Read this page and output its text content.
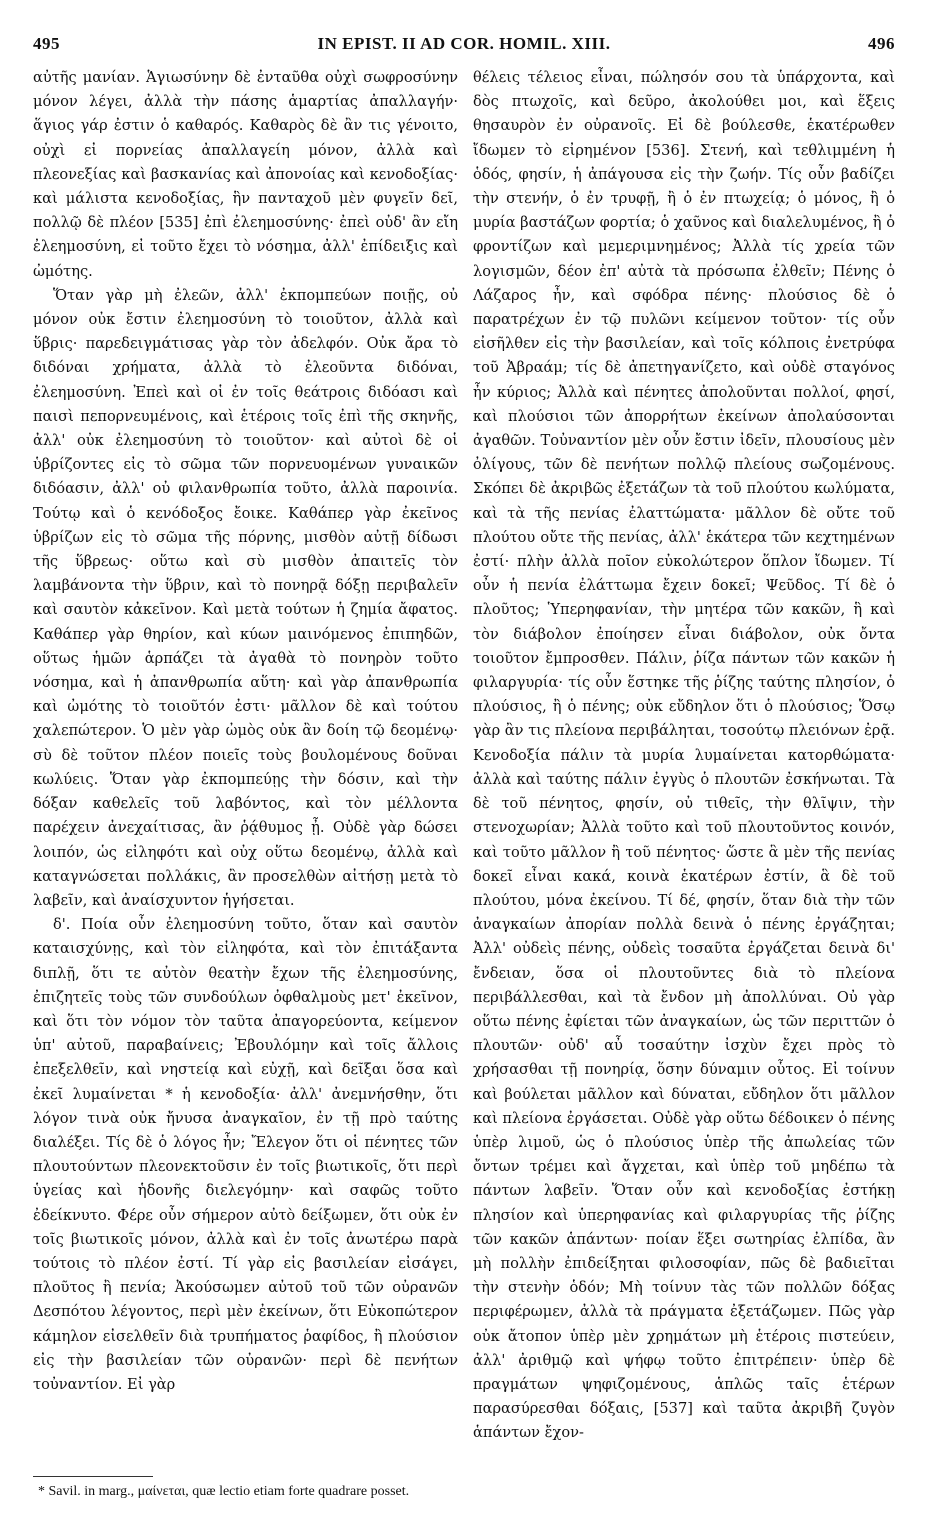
495	IN EPIST. II AD COR. HOMIL. XIII.	496

αὐτῆς μανίαν. Ἁγιωσύνην δὲ ἐνταῦθα οὐχὶ σωφροσύνην μόνον λέγει, ἀλλὰ τὴν πάσης ἁμαρτίας ἀπαλλαγήν· ἅγιος γάρ ἐστιν ὁ καθαρός. Καθαρὸς δὲ ἂν τις γένοιτο, οὐχὶ εἰ πορνείας ἀπαλλαγείη μόνον, ἀλλὰ καὶ πλεονεξίας καὶ βασκανίας καὶ ἀπονοίας καὶ κενοδοξίας· καὶ μάλιστα κενοδοξίας, ἣν πανταχοῦ μὲν φυγεῖν δεῖ, πολλῷ δὲ πλέον [535] ἐπὶ ἐλεημοσύνης· ἐπεὶ οὐδ' ἂν εἴη ἐλεημοσύνη, εἰ τοῦτο ἔχει τὸ νόσημα, ἀλλ' ἐπίδειξις καὶ ὠμότης.

Ὅταν γὰρ μὴ ἐλεῶν, ἀλλ' ἐκπομπεύων ποιῇς, οὐ μόνον οὐκ ἔστιν ἐλεημοσύνη τὸ τοιοῦτον, ἀλλὰ καὶ ὕβρις· παρεδειγμάτισας γὰρ τὸν ἀδελφόν. Οὐκ ἄρα τὸ διδόναι χρήματα, ἀλλὰ τὸ ἐλεοῦντα διδόναι, ἐλεημοσύνη. Ἐπεὶ καὶ οἱ ἐν τοῖς θεάτροις διδόασι καὶ παισὶ πεπορνευμένοις, καὶ ἑτέροις τοῖς ἐπὶ τῆς σκηνῆς, ἀλλ' οὐκ ἐλεημοσύνη τὸ τοιοῦτον· καὶ αὐτοὶ δὲ οἱ ὑβρίζοντες εἰς τὸ σῶμα τῶν πορνευομένων γυναικῶν διδόασιν, ἀλλ' οὐ φιλανθρωπία τοῦτο, ἀλλὰ παροινία. Τούτῳ καὶ ὁ κενόδοξος ἔοικε. Καθάπερ γὰρ ἐκεῖνος ὑβρίζων εἰς τὸ σῶμα τῆς πόρνης, μισθὸν αὐτῇ δίδωσι τῆς ὕβρεως· οὕτω καὶ σὺ μισθὸν ἀπαιτεῖς τὸν λαμβάνοντα τὴν ὕβριν, καὶ τὸ πονηρᾷ δόξῃ περιβαλεῖν καὶ σαυτὸν κἀκεῖνον. Καὶ μετὰ τούτων ἡ ζημία ἄφατος. Καθάπερ γὰρ θηρίον, καὶ κύων μαινόμενος ἐπιπηδῶν, οὕτως ἡμῶν ἁρπάζει τὰ ἀγαθὰ τὸ πονηρὸν τοῦτο νόσημα, καὶ ἡ ἀπανθρωπία αὕτη· καὶ γὰρ ἀπανθρωπία καὶ ὠμότης τὸ τοιοῦτόν ἐστι· μᾶλλον δὲ καὶ τούτου χαλεπώτερον. Ὁ μὲν γὰρ ὠμὸς οὐκ ἂν δοίη τῷ δεομένῳ· σὺ δὲ τοῦτον πλέον ποιεῖς τοὺς βουλομένους δοῦναι κωλύεις. Ὅταν γὰρ ἐκπομπεύῃς τὴν δόσιν, καὶ τὴν δόξαν καθελεῖς τοῦ λαβόντος, καὶ τὸν μέλλοντα παρέχειν ἀνεχαίτισας, ἂν ῥᾴθυμος ᾖ. Οὐδὲ γὰρ δώσει λοιπόν, ὡς εἰληφότι καὶ οὐχ οὕτω δεομένῳ, ἀλλὰ καὶ καταγνώσεται πολλάκις, ἂν προσελθὼν αἰτήσῃ μετὰ τὸ λαβεῖν, καὶ ἀναίσχυντον ἡγήσεται.

δ'. Ποία οὖν ἐλεημοσύνη τοῦτο, ὅταν καὶ σαυτὸν καταισχύνῃς, καὶ τὸν εἰληφότα, καὶ τὸν ἐπιτάξαντα διπλῇ, ὅτι τε αὐτὸν θεατὴν ἔχων τῆς ἐλεημοσύνης, ἐπιζητεῖς τοὺς τῶν συνδούλων ὀφθαλμοὺς μετ' ἐκεῖνον, καὶ ὅτι τὸν νόμον τὸν ταῦτα ἀπαγορεύοντα, κείμενον ὑπ' αὐτοῦ, παραβαίνεις; Ἐβουλόμην καὶ τοῖς ἄλλοις ἐπεξελθεῖν, καὶ νηστείᾳ καὶ εὐχῇ, καὶ δεῖξαι ὅσα καὶ ἐκεῖ λυμαίνεται * ἡ κενοδοξία· ἀλλ' ἀνεμνήσθην, ὅτι λόγον τινὰ οὐκ ἤνυσα ἀναγκαῖον, ἐν τῇ πρὸ ταύτης διαλέξει. Τίς δὲ ὁ λόγος ἦν; Ἔλεγον ὅτι οἱ πένητες τῶν πλουτούντων πλεονεκτοῦσιν ἐν τοῖς βιωτικοῖς, ὅτι περὶ ὑγείας καὶ ἡδονῆς διελεγόμην· καὶ σαφῶς τοῦτο ἐδείκνυτο. Φέρε οὖν σήμερον αὐτὸ δείξωμεν, ὅτι οὐκ ἐν τοῖς βιωτικοῖς μόνον, ἀλλὰ καὶ ἐν τοῖς ἀνωτέρω παρὰ τούτοις τὸ πλέον ἐστί. Τί γὰρ εἰς βασιλείαν εἰσάγει, πλοῦτος ἢ πενία; Ἀκούσωμεν αὐτοῦ τοῦ τῶν οὐρανῶν Δεσπότου λέγοντος, περὶ μὲν ἐκείνων, ὅτι Εὐκοπώτερον κάμηλον εἰσελθεῖν διὰ τρυπήματος ῥαφίδος, ἢ πλούσιον εἰς τὴν βασιλείαν τῶν οὐρανῶν· περὶ δὲ πενήτων τοὐναντίον. Εἰ γὰρ

θέλεις τέλειος εἶναι, πώλησόν σου τὰ ὑπάρχοντα, καὶ δὸς πτωχοῖς, καὶ δεῦρο, ἀκολούθει μοι, καὶ ἕξεις θησαυρὸν ἐν οὐρανοῖς. Εἰ δὲ βούλεσθε, ἑκατέρωθεν ἴδωμεν τὸ εἰρημένον [536]. Στενή, καὶ τεθλιμμένη ἡ ὁδός, φησίν, ἡ ἀπάγουσα εἰς τὴν ζωήν. Τίς οὖν βαδίζει τὴν στενήν, ὁ ἐν τρυφῇ, ἢ ὁ ἐν πτωχείᾳ; ὁ μόνος, ἢ ὁ μυρία βαστάζων φορτία; ὁ χαῦνος καὶ διαλελυμένος, ἢ ὁ φροντίζων καὶ μεμεριμνημένος; Ἀλλὰ τίς χρεία τῶν λογισμῶν, δέον ἐπ' αὐτὰ τὰ πρόσωπα ἐλθεῖν; Πένης ὁ Λάζαρος ἦν, καὶ σφόδρα πένης· πλούσιος δὲ ὁ παρατρέχων ἐν τῷ πυλῶνι κείμενον τοῦτον· τίς οὖν εἰσῆλθεν εἰς τὴν βασιλείαν, καὶ τοῖς κόλποις ἐνετρύφα τοῦ Ἀβραάμ; τίς δὲ ἀπετηγανίζετο, καὶ οὐδὲ σταγόνος ἦν κύριος; Ἀλλὰ καὶ πένητες ἀπολοῦνται πολλοί, φησί, καὶ πλούσιοι τῶν ἀπορρήτων ἐκείνων ἀπολαύσονται ἀγαθῶν. Τοὐναντίον μὲν οὖν ἔστιν ἰδεῖν, πλουσίους μὲν ὀλίγους, τῶν δὲ πενήτων πολλῷ πλείους σωζομένους. Σκόπει δὲ ἀκριβῶς ἐξετάζων τὰ τοῦ πλούτου κωλύματα, καὶ τὰ τῆς πενίας ἐλαττώματα· μᾶλλον δὲ οὔτε τοῦ πλούτου οὔτε τῆς πενίας, ἀλλ' ἑκάτερα τῶν κεχτημένων ἐστί· πλὴν ἀλλὰ ποῖον εὐκολώτερον ὅπλον ἴδωμεν. Τί οὖν ἡ πενία ἐλάττωμα ἔχειν δοκεῖ; Ψεῦδος. Τί δὲ ὁ πλοῦτος; Ὑπερηφανίαν, τὴν μητέρα τῶν κακῶν, ἣ καὶ τὸν διάβολον ἐποίησεν εἶναι διάβολον, οὐκ ὄντα τοιοῦτον ἔμπροσθεν. Πάλιν, ῥίζα πάντων τῶν κακῶν ἡ φιλαργυρία· τίς οὖν ἕστηκε τῆς ῥίζης ταύτης πλησίον, ὁ πλούσιος, ἢ ὁ πένης; οὐκ εὔδηλον ὅτι ὁ πλούσιος; Ὅσῳ γὰρ ἂν τις πλείονα περιβάληται, τοσούτῳ πλειόνων ἐρᾷ. Κενοδοξία πάλιν τὰ μυρία λυμαίνεται κατορθώματα· ἀλλὰ καὶ ταύτης πάλιν ἐγγὺς ὁ πλουτῶν ἐσκήνωται. Τὰ δὲ τοῦ πένητος, φησίν, οὐ τιθεῖς, τὴν θλῖψιν, τὴν στενοχωρίαν; Ἀλλὰ τοῦτο καὶ τοῦ πλουτοῦντος κοινόν, καὶ τοῦτο μᾶλλον ἢ τοῦ πένητος· ὥστε ἃ μὲν τῆς πενίας δοκεῖ εἶναι κακά, κοινὰ ἑκατέρων ἐστίν, ἃ δὲ τοῦ πλούτου, μόνα ἐκείνου. Τί δέ, φησίν, ὅταν διὰ τὴν τῶν ἀναγκαίων ἀπορίαν πολλὰ δεινὰ ὁ πένης ἐργάζηται; Ἀλλ' οὐδεὶς πένης, οὐδεὶς τοσαῦτα ἐργάζεται δεινὰ δι' ἔνδειαν, ὅσα οἱ πλουτοῦντες διὰ τὸ πλείονα περιβάλλεσθαι, καὶ τὰ ἔνδον μὴ ἀπολλύναι. Οὐ γὰρ οὕτω πένης ἐφίεται τῶν ἀναγκαίων, ὡς τῶν περιττῶν ὁ πλουτῶν· οὐδ' αὖ τοσαύτην ἰσχὺν ἔχει πρὸς τὸ χρήσασθαι τῇ πονηρίᾳ, ὅσην δύναμιν οὗτος. Εἰ τοίνυν καὶ βούλεται μᾶλλον καὶ δύναται, εὔδηλον ὅτι μᾶλλον καὶ πλείονα ἐργάσεται. Οὐδὲ γὰρ οὕτω δέδοικεν ὁ πένης ὑπὲρ λιμοῦ, ὡς ὁ πλούσιος ὑπὲρ τῆς ἀπωλείας τῶν ὄντων τρέμει καὶ ἄγχεται, καὶ ὑπὲρ τοῦ μηδέπω τὰ πάντων λαβεῖν. Ὅταν οὖν καὶ κενοδοξίας ἐστήκῃ πλησίον καὶ ὑπερηφανίας καὶ φιλαργυρίας τῆς ῥίζης τῶν κακῶν ἁπάντων· ποίαν ἕξει σωτηρίας ἐλπίδα, ἂν μὴ πολλὴν ἐπιδείξηται φιλοσοφίαν, πῶς δὲ βαδιεῖται τὴν στενὴν ὁδόν; Μὴ τοίνυν τὰς τῶν πολλῶν δόξας περιφέρωμεν, ἀλλὰ τὰ πράγματα ἐξετάζωμεν. Πῶς γὰρ οὐκ ἄτοπον ὑπὲρ μὲν χρημάτων μὴ ἑτέροις πιστεύειν, ἀλλ' ἀριθμῷ καὶ ψήφῳ τοῦτο ἐπιτρέπειν· ὑπὲρ δὲ πραγμάτων ψηφιζομένους, ἁπλῶς ταῖς ἑτέρων παρασύρεσθαι δόξαις, [537] καὶ ταῦτα ἀκριβῆ ζυγὸν ἁπάντων ἔχον-

* Savil. in marg., μαίνεται, quæ lectio etiam forte quadrare posset.
